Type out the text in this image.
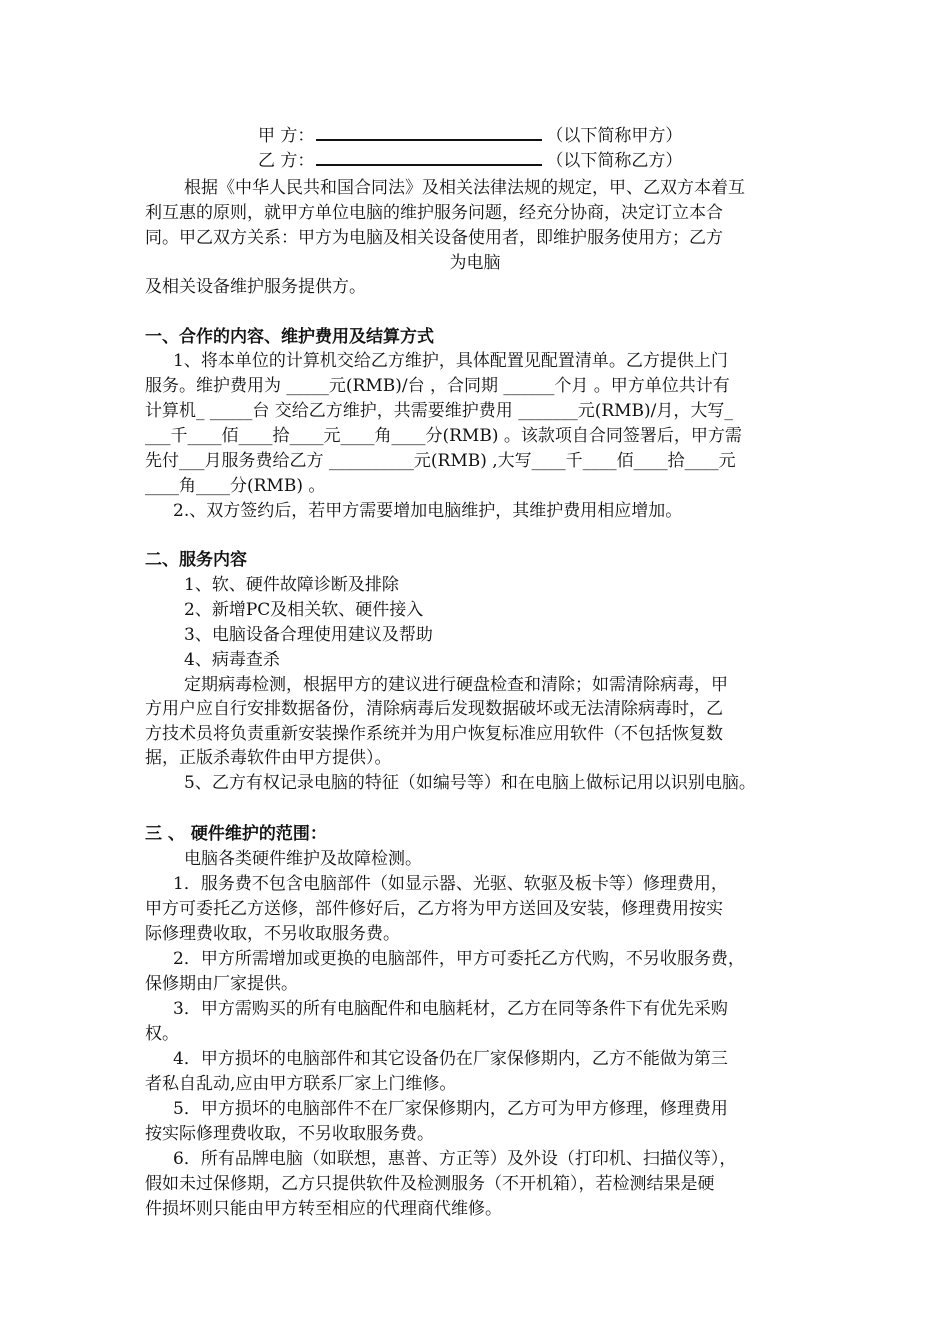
甲 方：	（以下简称甲方）
乙 方：	（以下简称乙方）
根据《中华人民共和国合同法》及相关法律法规的规定，甲、乙双方本着互
利互惠的原则，就甲方单位电脑的维护服务问题，经充分协商，决定订立本合
同。甲乙双方关系：甲方为电脑及相关设备使用者，即维护服务使用方；乙方
为电脑
及相关设备维护服务提供方。
一、合作的内容、维护费用及结算方式
1、将本单位的计算机交给乙方维护，具体配置见配置清单。乙方提供上门
服务。维护费用为 _____元(RMB)/台 ，合同期 ______个月 。甲方单位共计有
计算机_ _____台 交给乙方维护，共需要维护费用 _______元(RMB)/月，大写_
___千____佰____拾____元____角____分(RMB) 。该款项自合同签署后，甲方需
先付___月服务费给乙方 __________元(RMB) ,大写____千____佰____拾____元
____角____分(RMB) 。
2.、双方签约后，若甲方需要增加电脑维护，其维护费用相应增加。
二、服务内容
1、软、硬件故障诊断及排除
2、新增PC及相关软、硬件接入
3、电脑设备合理使用建议及帮助
4、病毒查杀
定期病毒检测，根据甲方的建议进行硬盘检查和清除；如需清除病毒，甲
方用户应自行安排数据备份，清除病毒后发现数据破坏或无法清除病毒时，乙
方技术员将负责重新安装操作系统并为用户恢复标准应用软件（不包括恢复数
据，正版杀毒软件由甲方提供）。
5、乙方有权记录电脑的特征（如编号等）和在电脑上做标记用以识别电脑。
三 、 硬件维护的范围：
电脑各类硬件维护及故障检测。
1．服务费不包含电脑部件（如显示器、光驱、软驱及板卡等）修理费用，
甲方可委托乙方送修，部件修好后，乙方将为甲方送回及安装，修理费用按实
际修理费收取，不另收取服务费。
2．甲方所需增加或更换的电脑部件，甲方可委托乙方代购，不另收服务费，
保修期由厂家提供。
3．甲方需购买的所有电脑配件和电脑耗材，乙方在同等条件下有优先采购
权。
4．甲方损坏的电脑部件和其它设备仍在厂家保修期内，乙方不能做为第三
者私自乱动,应由甲方联系厂家上门维修。
5．甲方损坏的电脑部件不在厂家保修期内，乙方可为甲方修理，修理费用
按实际修理费收取，不另收取服务费。
6．所有品牌电脑（如联想，惠普、方正等）及外设（打印机、扫描仪等），
假如未过保修期，乙方只提供软件及检测服务（不开机箱），若检测结果是硬
件损坏则只能由甲方转至相应的代理商代维修。
